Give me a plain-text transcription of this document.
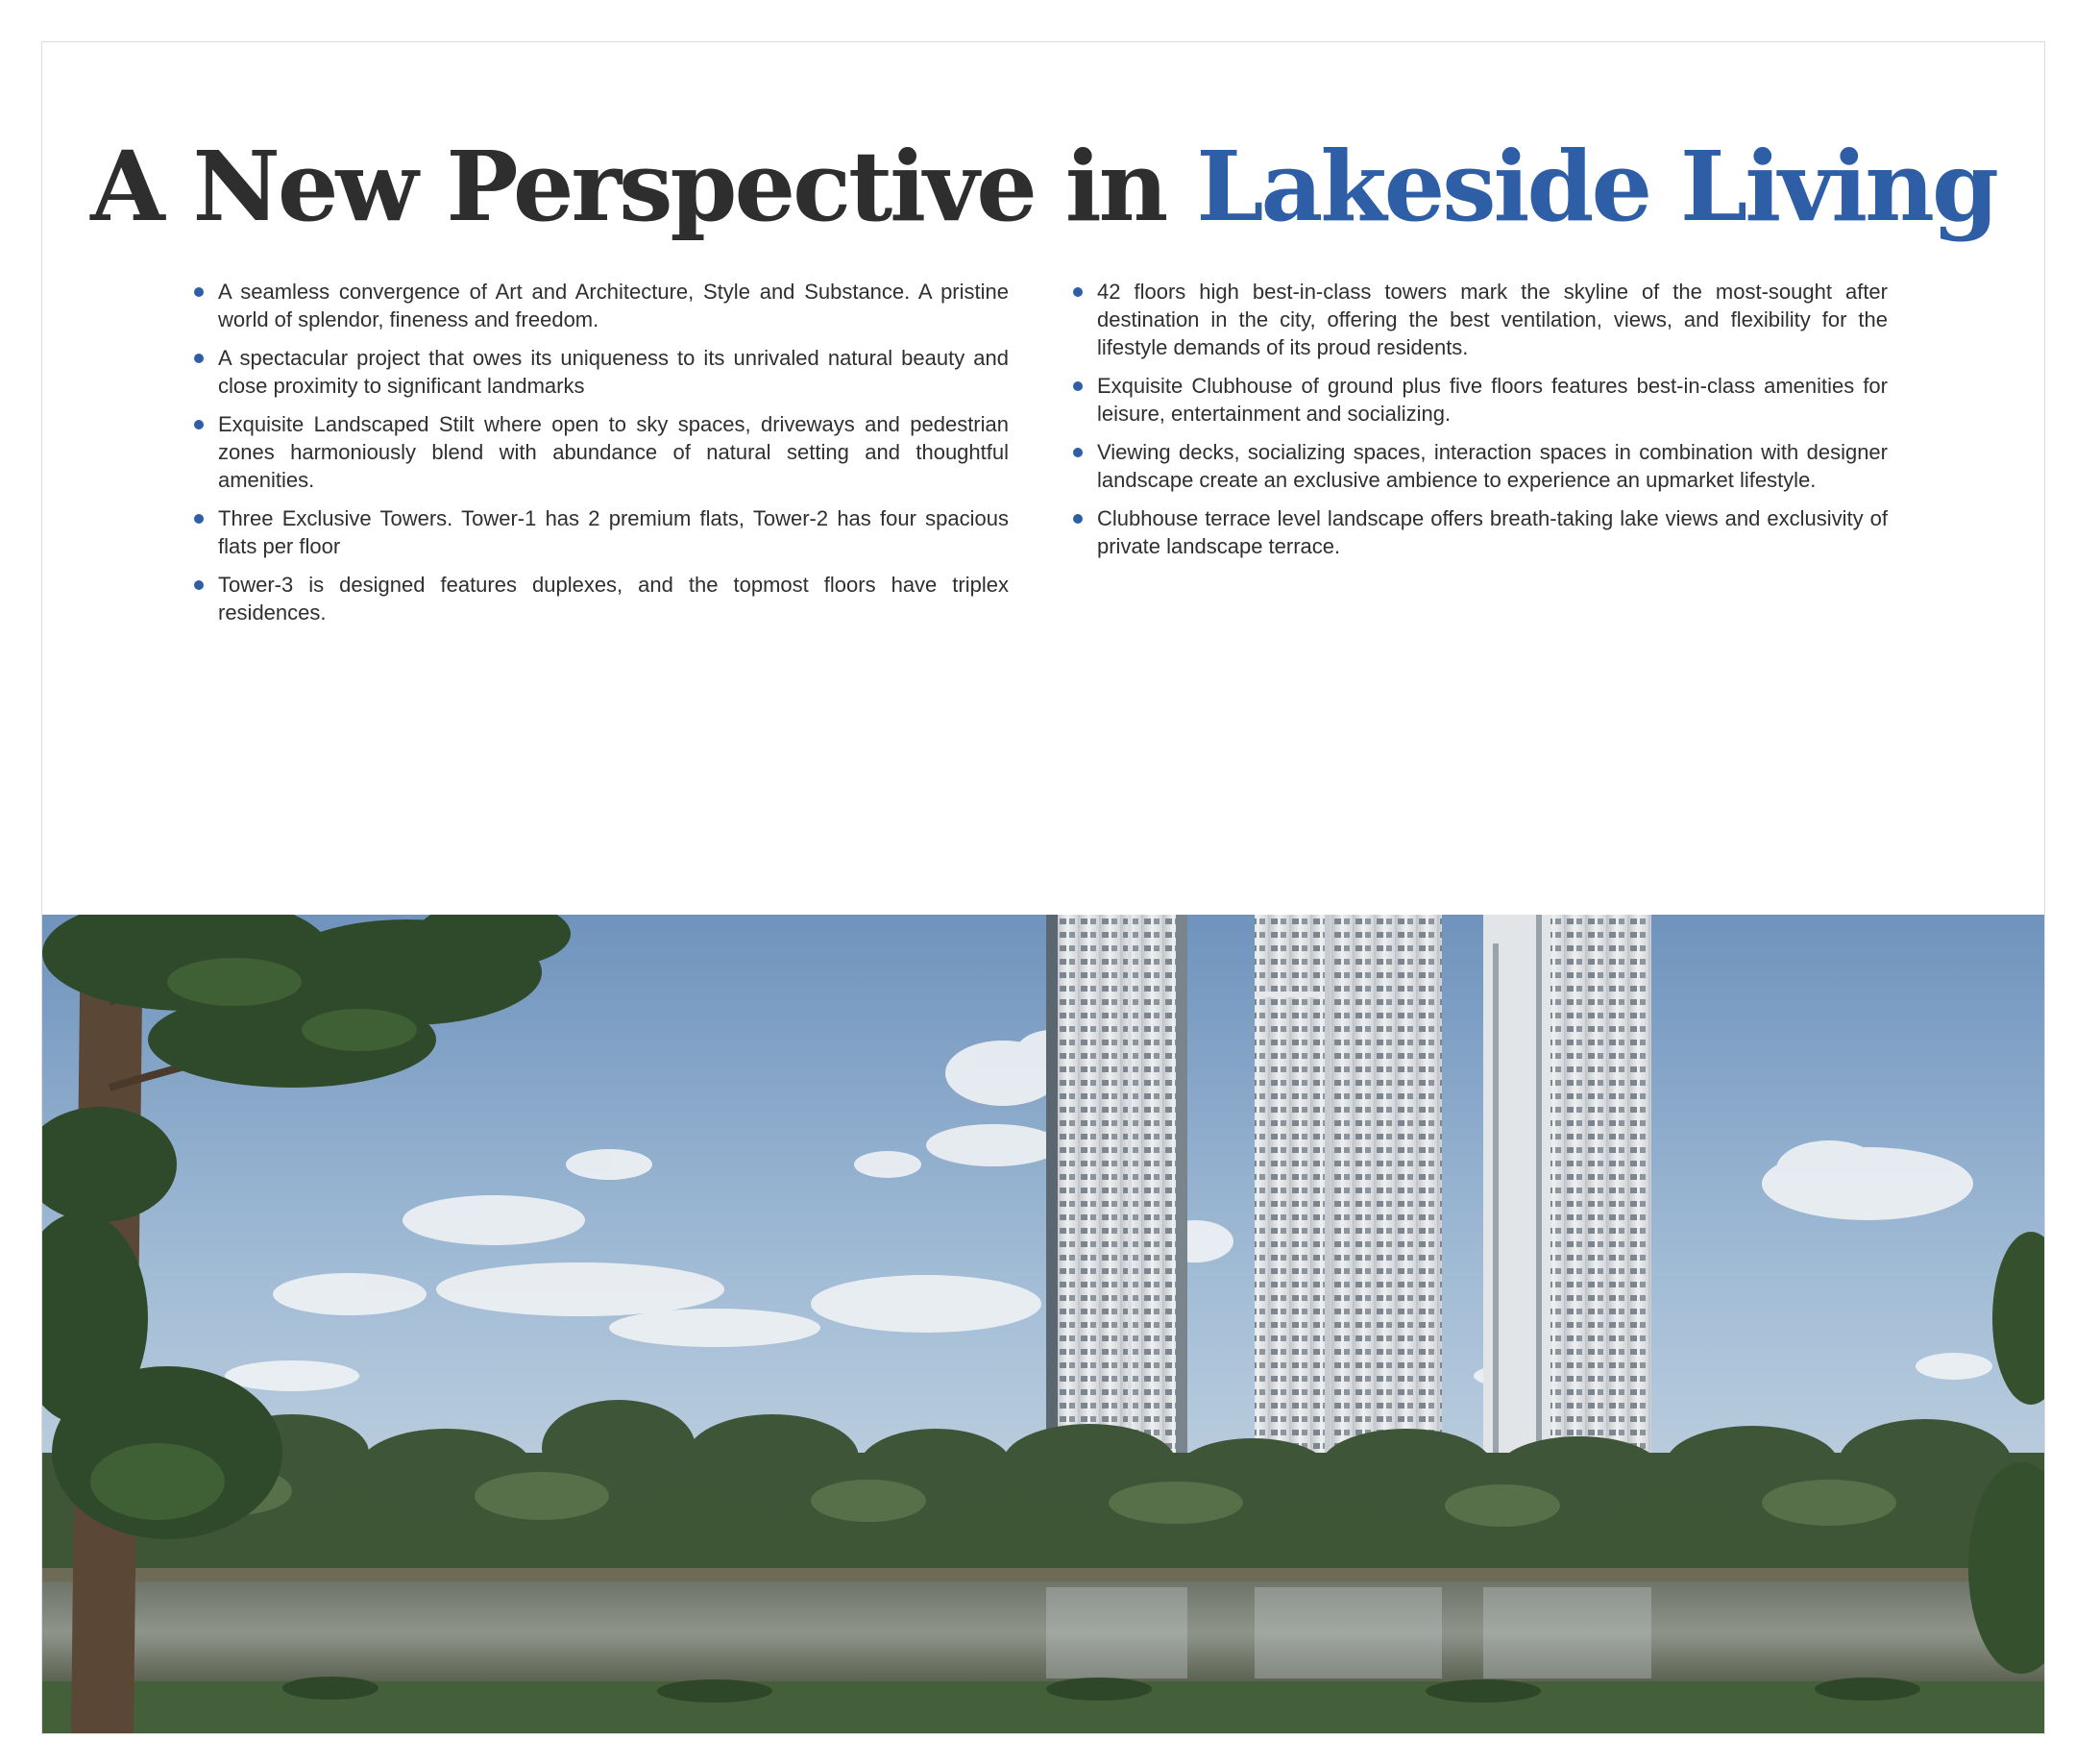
A New Perspective in Lakeside Living
A seamless convergence of Art and Architecture, Style and Substance. A pristine world of splendor, fineness and freedom.
A spectacular project that owes its uniqueness to its unrivaled natural beauty and close proximity to significant landmarks
Exquisite Landscaped Stilt where open to sky spaces, driveways and pedestrian zones harmoniously blend with abundance of natural setting and thoughtful amenities.
Three Exclusive Towers. Tower-1 has 2 premium flats, Tower-2 has four spacious flats per floor
Tower-3 is designed features duplexes, and the topmost floors have triplex residences.
42 floors high best-in-class towers mark the skyline of the most-sought after destination in the city, offering the best ventilation, views, and flexibility for the lifestyle demands of its proud residents.
Exquisite Clubhouse of ground plus five floors features best-in-class amenities for leisure, entertainment and socializing.
Viewing decks, socializing spaces, interaction spaces in combination with designer landscape create an exclusive ambience to experience an upmarket lifestyle.
Clubhouse terrace level landscape offers breath-taking lake views and exclusivity of private landscape terrace.
